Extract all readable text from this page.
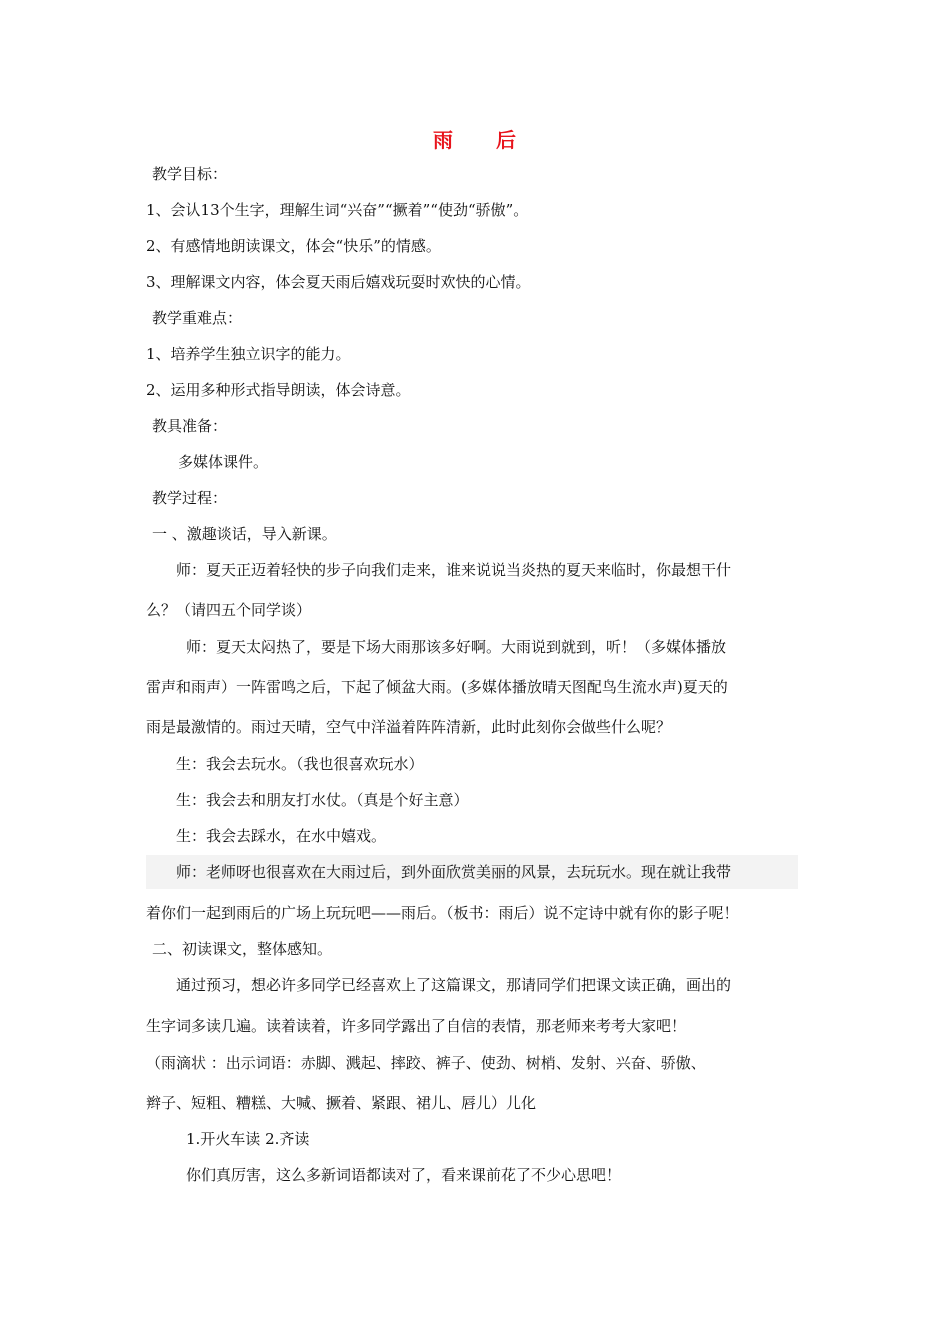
雨　　后
教学目标：
1、会认13个生字，理解生词“兴奋”“撅着”“使劲“骄傲”。
2、有感情地朗读课文，体会“快乐”的情感。
3、理解课文内容，体会夏天雨后嬉戏玩耍时欢快的心情。
教学重难点：
1、培养学生独立识字的能力。
2、运用多种形式指导朗读，体会诗意。
教具准备：
多媒体课件。
教学过程：
一 、激趣谈话，导入新课。
师：夏天正迈着轻快的步子向我们走来，谁来说说当炎热的夏天来临时，你最想干什
么？（请四五个同学谈）
师：夏天太闷热了，要是下场大雨那该多好啊。大雨说到就到，听！（多媒体播放
雷声和雨声）一阵雷鸣之后，下起了倾盆大雨。(多媒体播放晴天图配鸟生流水声)夏天的
雨是最激情的。雨过天晴，空气中洋溢着阵阵清新，此时此刻你会做些什么呢？
生：我会去玩水。（我也很喜欢玩水）
生：我会去和朋友打水仗。（真是个好主意）
生：我会去踩水，在水中嬉戏。
师：老师呀也很喜欢在大雨过后，到外面欣赏美丽的风景，去玩玩水。现在就让我带
着你们一起到雨后的广场上玩玩吧——雨后。（板书：雨后）说不定诗中就有你的影子呢！
二、初读课文，整体感知。
通过预习，想必许多同学已经喜欢上了这篇课文，那请同学们把课文读正确，画出的
生字词多读几遍。读着读着，许多同学露出了自信的表情，那老师来考考大家吧！
（雨滴状 ：出示词语：赤脚、溅起、摔跤、裤子、使劲、树梢、发射、兴奋、骄傲、
辫子、短粗、糟糕、大喊、撅着、紧跟、裙儿、唇儿）儿化
1.开火车读 2.齐读
你们真厉害，这么多新词语都读对了，看来课前花了不少心思吧！
